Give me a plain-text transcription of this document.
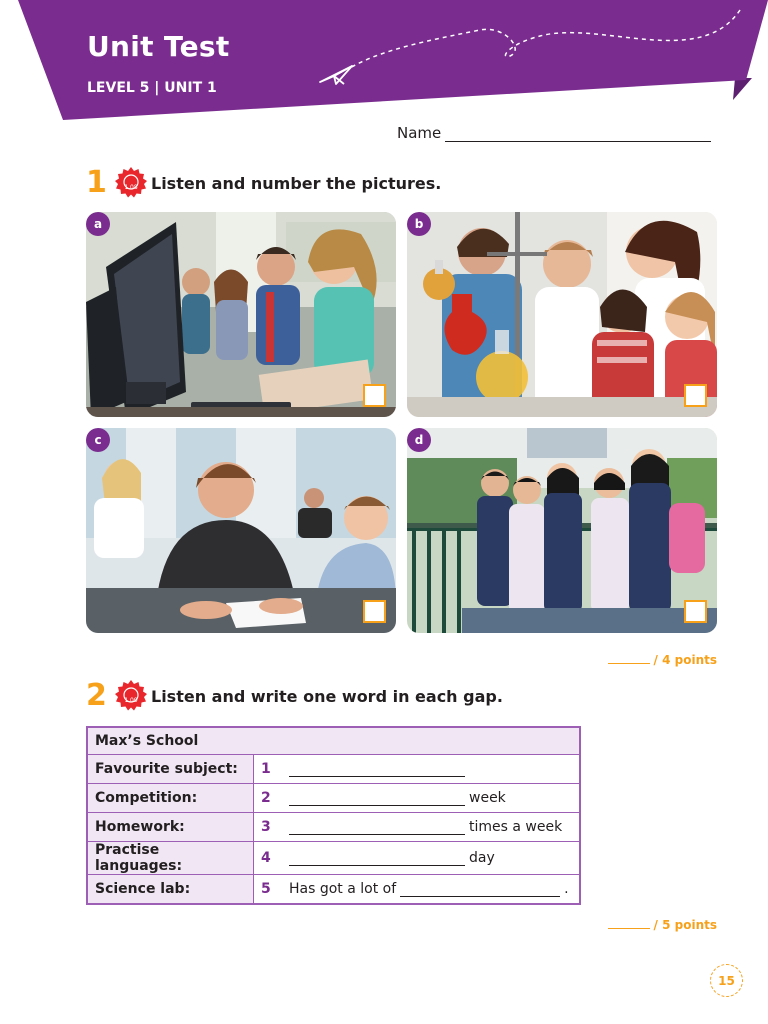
Unit Test
LEVEL 5 | UNIT 1
Name
1	1.08 Listen and number the pictures.
a	b
c	d
/ 4 points
2	1.09 Listen and write one word in each gap.
Max’s School	
Favourite subject:	1
Competition:	2 week
Homework:	3 times a week
Practise languages:	4 day
Science lab:	5 Has got a lot of .
/ 5 points
15
